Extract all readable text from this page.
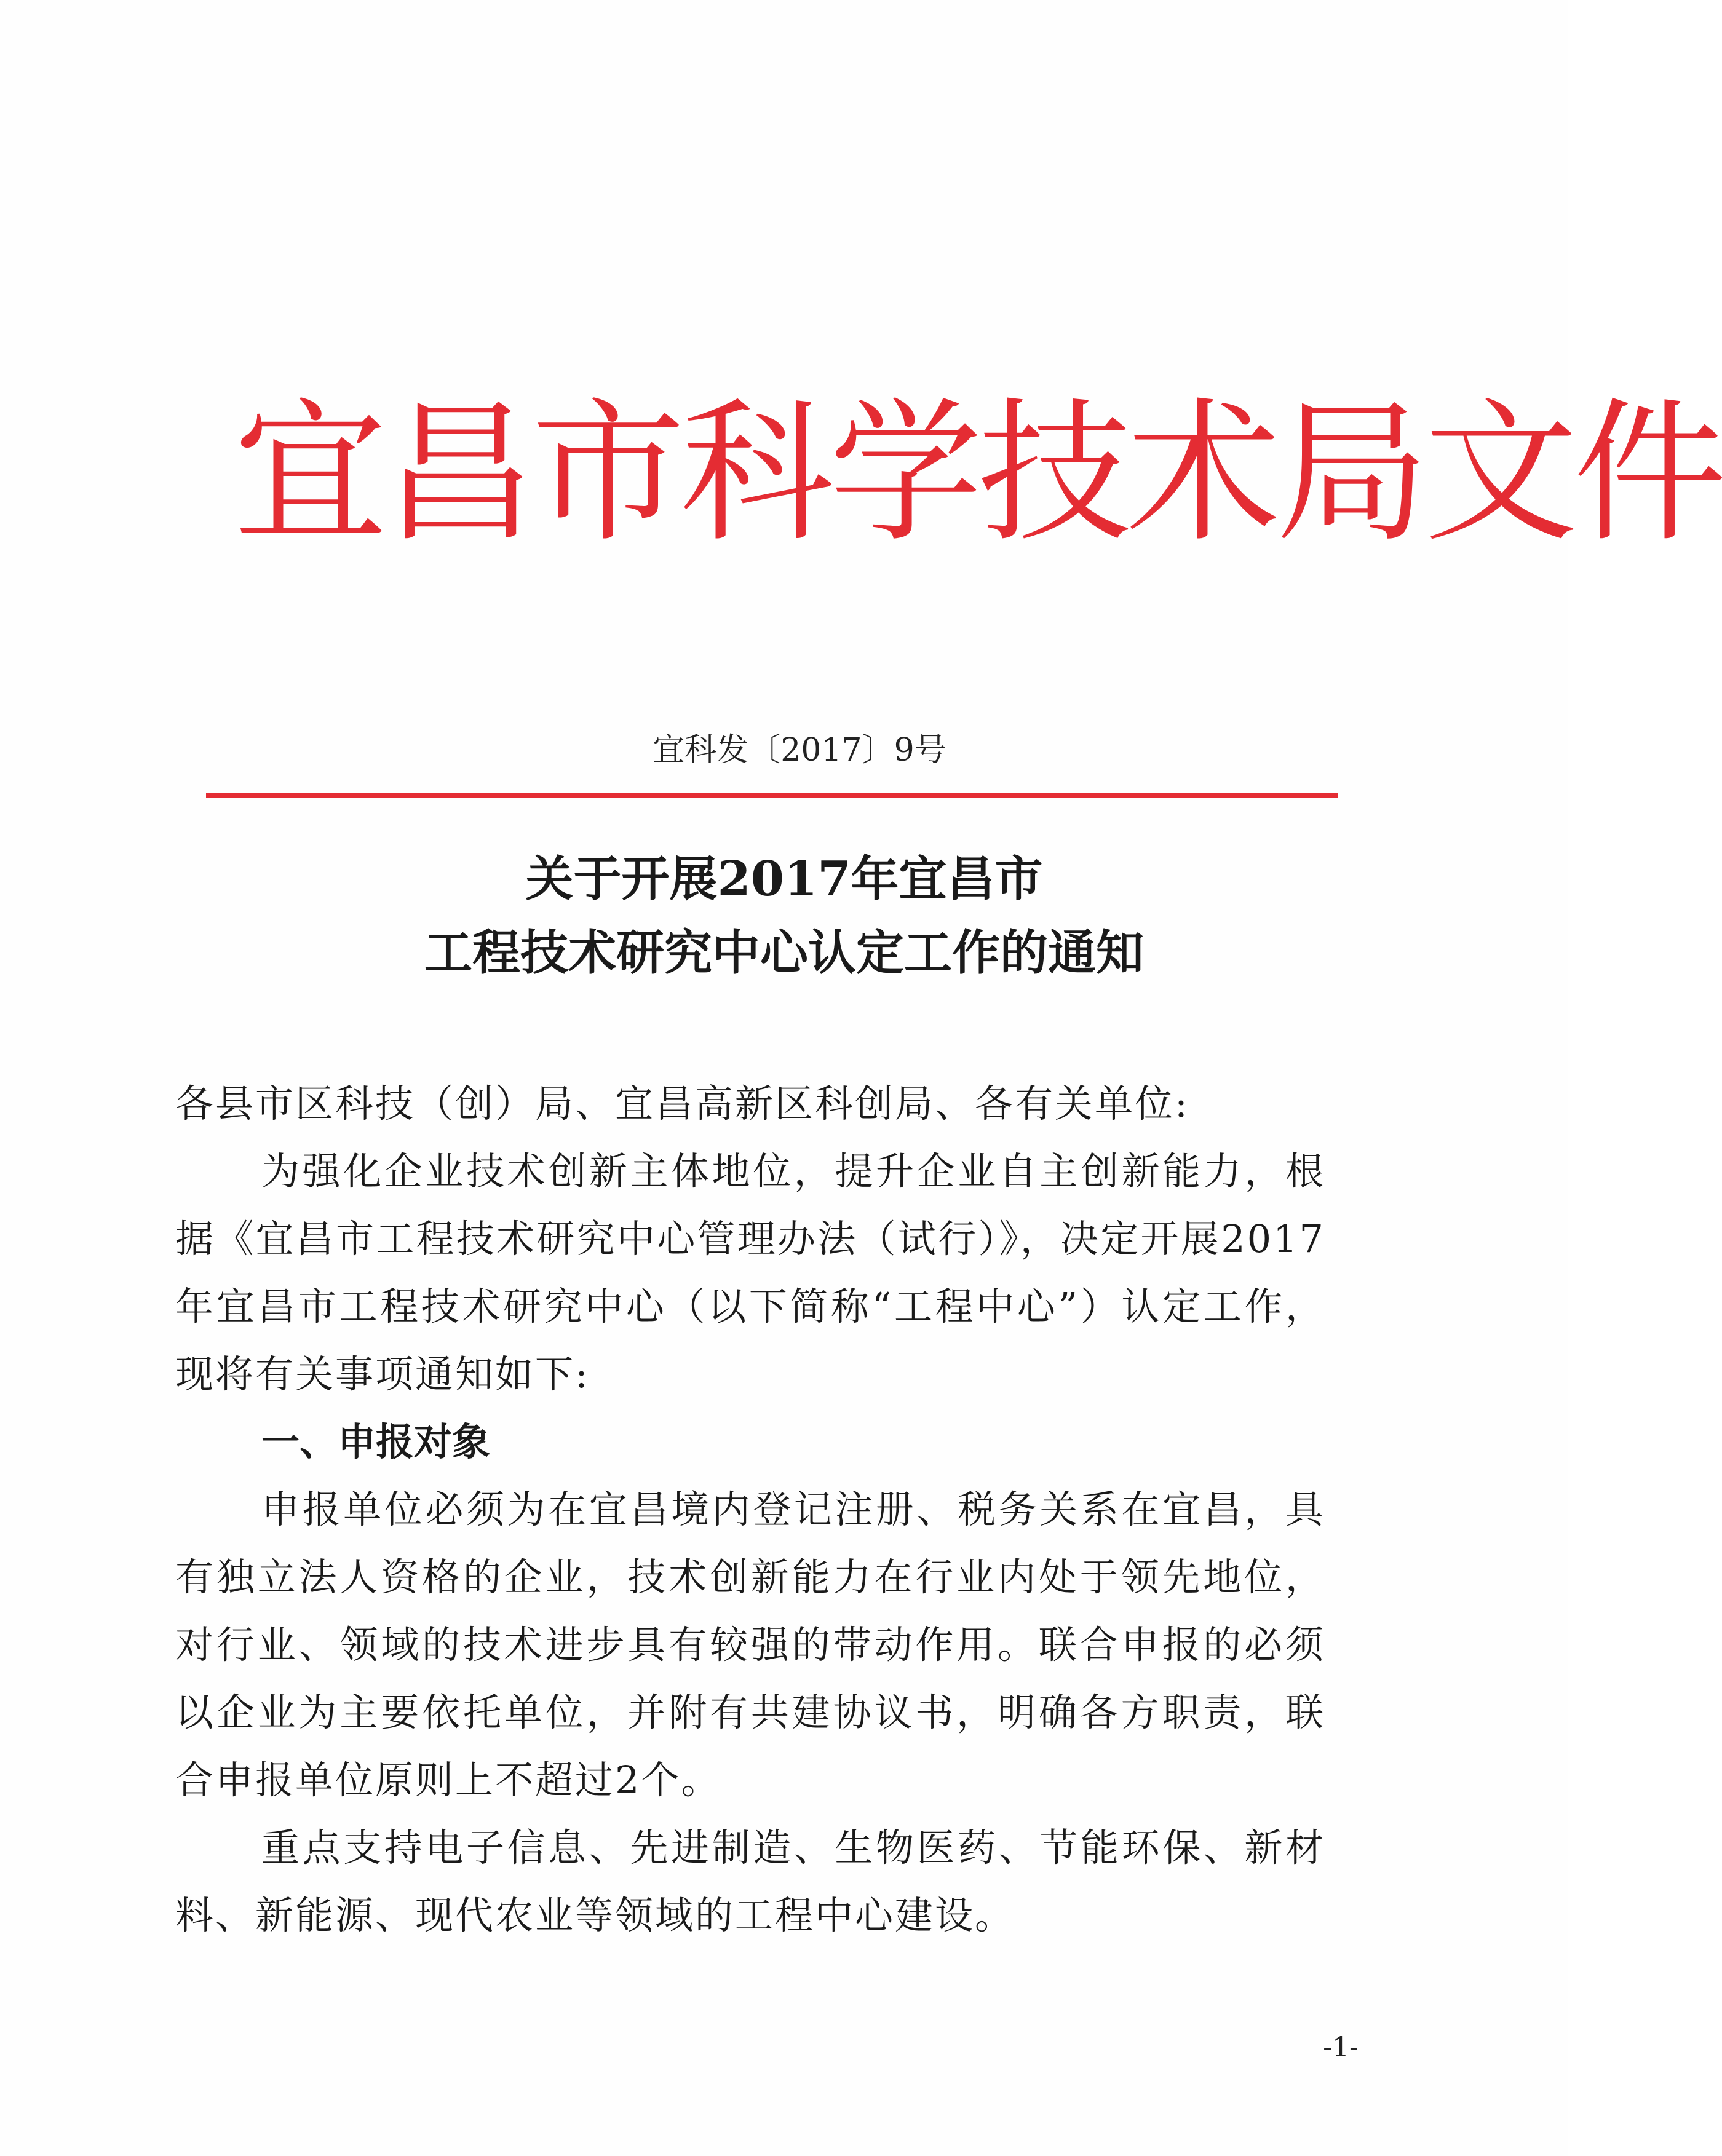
宜昌市科学技术局文件
宜科发〔2017〕9号
关于开展2017年宜昌市
工程技术研究中心认定工作的通知

各县市区科技（创）局、宜昌高新区科创局、各有关单位:

为强化企业技术创新主体地位，提升企业自主创新能力，根据《宜昌市工程技术研究中心管理办法（试行）》，决定开展2017年宜昌市工程技术研究中心（以下简称“工程中心”）认定工作，现将有关事项通知如下:

一、申报对象

申报单位必须为在宜昌境内登记注册、税务关系在宜昌，具有独立法人资格的企业，技术创新能力在行业内处于领先地位，对行业、领域的技术进步具有较强的带动作用。联合申报的必须以企业为主要依托单位，并附有共建协议书，明确各方职责，联合申报单位原则上不超过2个。

重点支持电子信息、先进制造、生物医药、节能环保、新材料、新能源、现代农业等领域的工程中心建设。

-1-
